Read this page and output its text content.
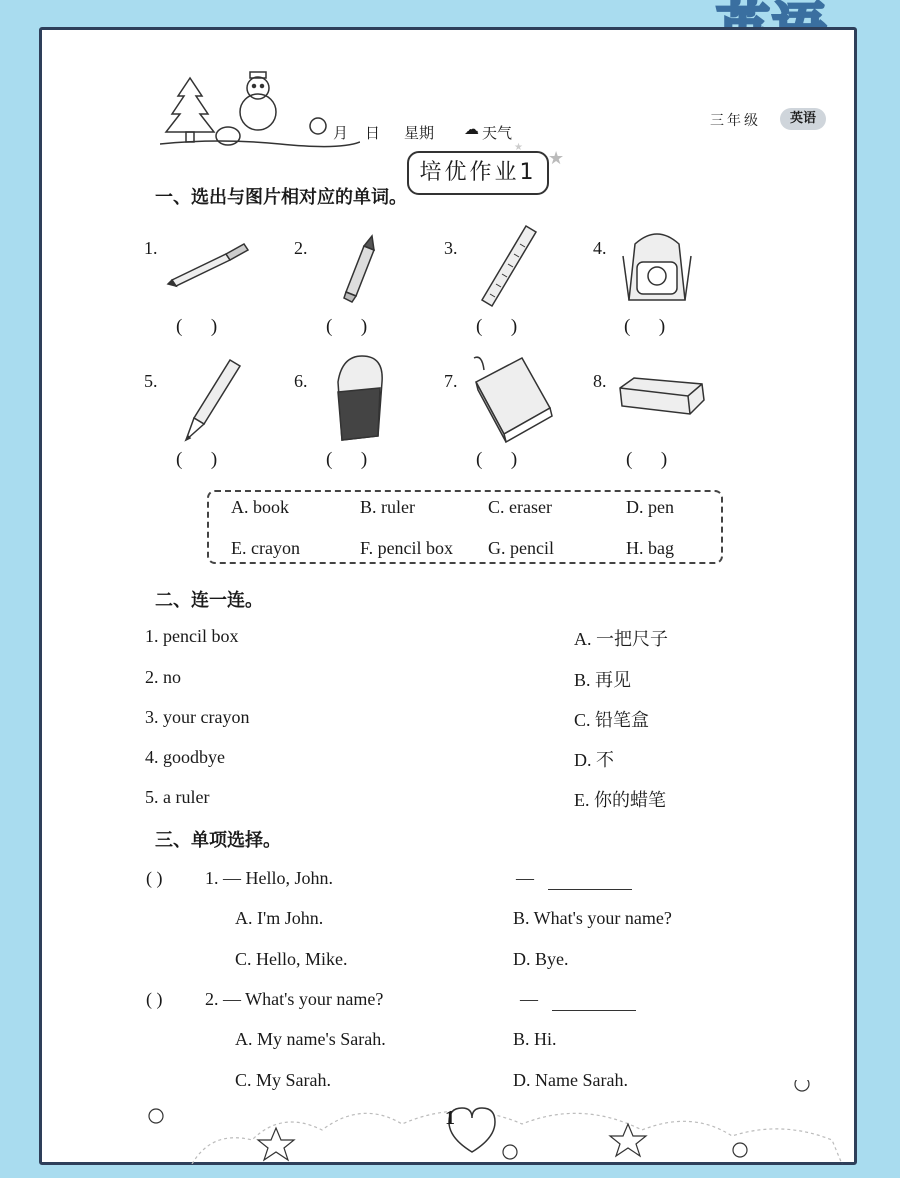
月 日 星期 ☁ 天气
三年级	英语
培优作业1
★
★
一、选出与图片相对应的单词。
1.	2.	3.	4.
(      )	(      )	(      )	(      )
5.	6.	7.	8.
(      )	(      )	(      )	(      )
A. book	B. ruler	C. eraser	D. pen
E. crayon	F. pencil box G. pencil	H. bag
二、连一连。
1. pencil box
2. no
3. your crayon
4. goodbye
5. a ruler
A. 一把尺子
B. 再见
C. 铅笔盒
D. 不
E. 你的蜡笔
三、单项选择。
( ) 1. — Hello, John.	—
A. I'm John.	B. What's your name?
C. Hello, Mike.	D. Bye.
( ) 2. — What's your name?	—
A. My name's Sarah.	B. Hi.
C. My Sarah.	D. Name Sarah.
1
